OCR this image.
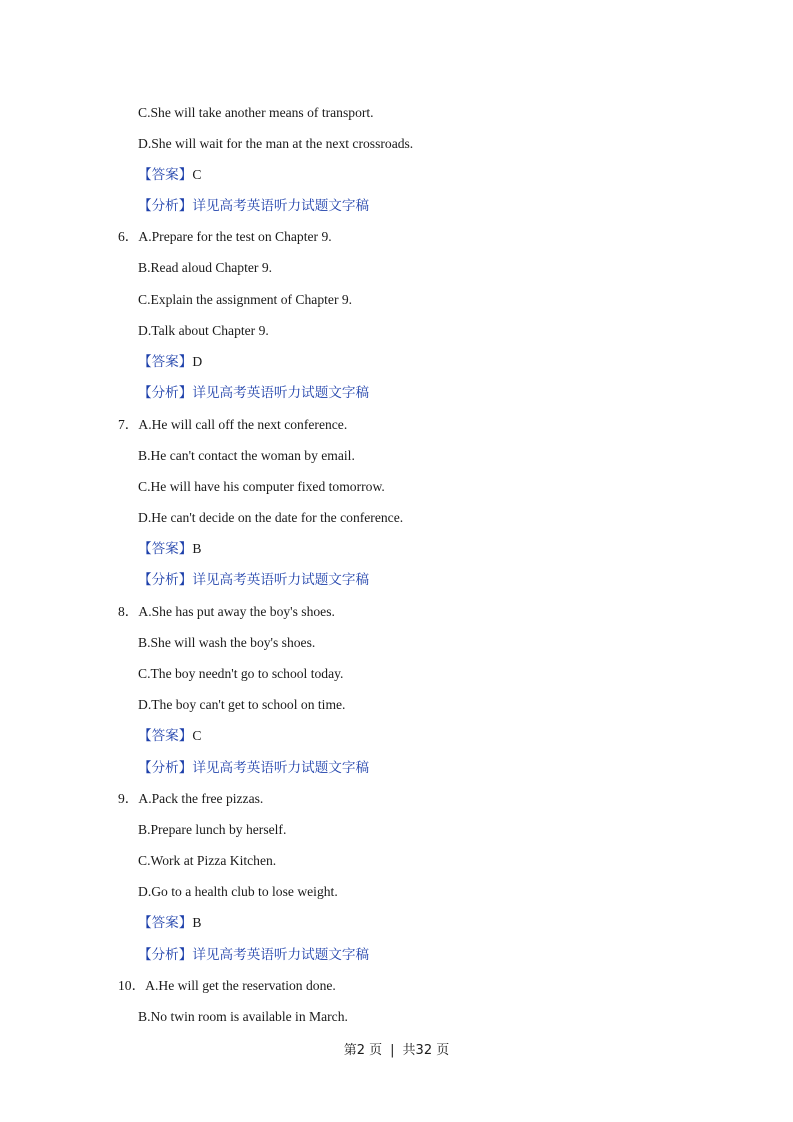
C.She will take another means of transport.
D.She will wait for the man at the next crossroads.
【答案】C
【分析】详见高考英语听力试题文字稿
6．A.Prepare for the test on Chapter 9.
B.Read aloud Chapter 9.
C.Explain the assignment of Chapter 9.
D.Talk about Chapter 9.
【答案】D
【分析】详见高考英语听力试题文字稿
7．A.He will call off the next conference.
B.He can't contact the woman by email.
C.He will have his computer fixed tomorrow.
D.He can't decide on the date for the conference.
【答案】B
【分析】详见高考英语听力试题文字稿
8．A.She has put away the boy's shoes.
B.She will wash the boy's shoes.
C.The boy needn't go to school today.
D.The boy can't get to school on time.
【答案】C
【分析】详见高考英语听力试题文字稿
9．A.Pack the free pizzas.
B.Prepare lunch by herself.
C.Work at Pizza Kitchen.
D.Go to a health club to lose weight.
【答案】B
【分析】详见高考英语听力试题文字稿
10．A.He will get the reservation done.
B.No twin room is available in March.
第2 页 | 共32 页
